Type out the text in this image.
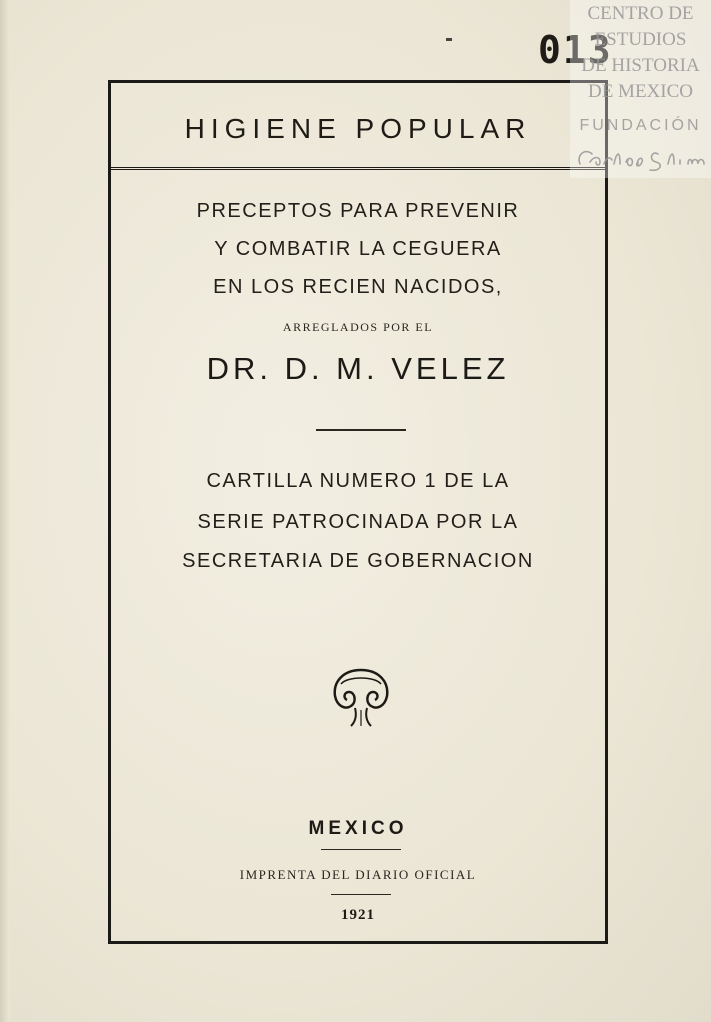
013
HIGIENE POPULAR
PRECEPTOS PARA PREVENIR
Y COMBATIR LA CEGUERA
EN LOS RECIEN NACIDOS,
ARREGLADOS POR EL
DR. D. M. VELEZ
CARTILLA NUMERO 1 DE LA
SERIE PATROCINADA POR LA
SECRETARIA DE GOBERNACION
MEXICO
IMPRENTA DEL DIARIO OFICIAL
1921
CENTRO DE
ESTUDIOS
DE HISTORIA
DE MEXICO
FUNDACIÓN
